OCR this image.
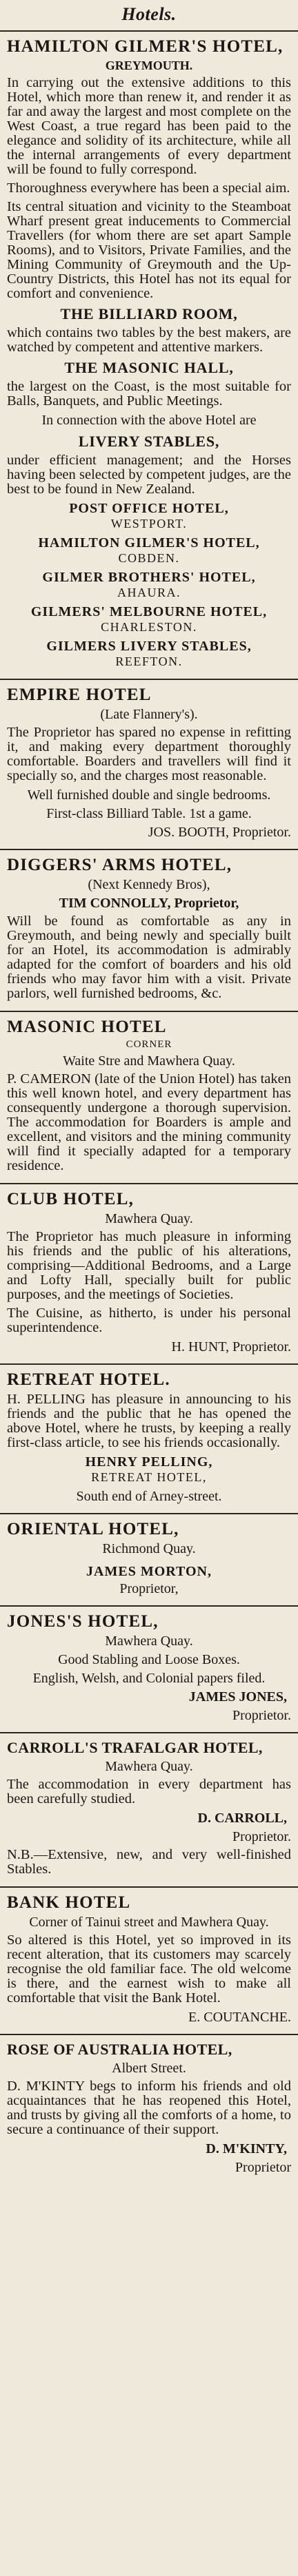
Hotels.
HAMILTON GILMER'S HOTEL,
GREYMOUTH.

In carrying out the extensive additions to this Hotel, which more than renew it, and render it as far and away the largest and most complete on the West Coast, a true regard has been paid to the elegance and solidity of its architecture, while all the internal arrangements of every department will be found to fully correspond.

Thoroughness everywhere has been a special aim.

Its central situation and vicinity to the Steamboat Wharf present great inducements to Commercial Travellers (for whom there are set apart Sample Rooms), and to Visitors, Private Families, and the Mining Community of Greymouth and the Up-Country Districts, this Hotel has not its equal for comfort and convenience.

THE BILLIARD ROOM,

which contains two tables by the best makers, are watched by competent and attentive markers.

THE MASONIC HALL,

the largest on the Coast, is the most suitable for Balls, Banquets, and Public Meetings.

In connection with the above Hotel are
LIVERY STABLES,

under efficient management; and the Horses having been selected by competent judges, are the best to be found in New Zealand.

POST OFFICE HOTEL,
WESTPORT.
HAMILTON GILMER'S HOTEL,
COBDEN.
GILMER BROTHERS' HOTEL,
AHAURA.
GILMERS' MELBOURNE HOTEL,
CHARLESTON.
GILMERS LIVERY STABLES,
REEFTON.
EMPIRE HOTEL
(Late Flannery's).

The Proprietor has spared no expense in refitting it, and making every department thoroughly comfortable. Boarders and travellers will find it specially so, and the charges most reasonable.

Well furnished double and single bedrooms.
First-class Billiard Table. 1st a game.
JOS. BOOTH, Proprietor.
DIGGERS' ARMS HOTEL,
(Next Kennedy Bros),
TIM CONNOLLY, Proprietor,

Will be found as comfortable as any in Greymouth, and being newly and specially built for an Hotel, its accommodation is admirably adapted for the comfort of boarders and his old friends who may favor him with a visit. Private parlors, well furnished bedrooms, &c.

MASONIC HOTEL
CORNER
Waite Stre and Mawhera Quay.

P. CAMERON (late of the Union Hotel) has taken this well known hotel, and every department has consequently undergone a thorough supervision. The accommodation for Boarders is ample and excellent, and visitors and the mining community will find it specially adapted for a temporary residence.

CLUB HOTEL,
Mawhera Quay.

The Proprietor has much pleasure in informing his friends and the public of his alterations, comprising—Additional Bedrooms, and a Large and Lofty Hall, specially built for public purposes, and the meetings of Societies.

The Cuisine, as hitherto, is under his personal superintendence.

H. HUNT, Proprietor.
RETREAT HOTEL.

H. PELLING has pleasure in announcing to his friends and the public that he has opened the above Hotel, where he trusts, by keeping a really first-class article, to see his friends occasionally.

HENRY PELLING,
RETREAT HOTEL,
South end of Arney-street.
ORIENTAL HOTEL,
Richmond Quay.
JAMES MORTON,
Proprietor,
JONES'S HOTEL,
Mawhera Quay.
Good Stabling and Loose Boxes.
English, Welsh, and Colonial papers filed.
JAMES JONES,
Proprietor.
CARROLL'S TRAFALGAR HOTEL,
Mawhera Quay.

The accommodation in every department has been carefully studied.

D. CARROLL,
Proprietor.

N.B.—Extensive, new, and very well-finished Stables.

BANK HOTEL
Corner of Tainui street and Mawhera Quay.

So altered is this Hotel, yet so improved in its recent alteration, that its customers may scarcely recognise the old familiar face. The old welcome is there, and the earnest wish to make all comfortable that visit the Bank Hotel.

E. COUTANCHE.
ROSE OF AUSTRALIA HOTEL,
Albert Street.

D. M'KINTY begs to inform his friends and old acquaintances that he has reopened this Hotel, and trusts by giving all the comforts of a home, to secure a continuance of their support.

D. M'KINTY,
Proprietor
